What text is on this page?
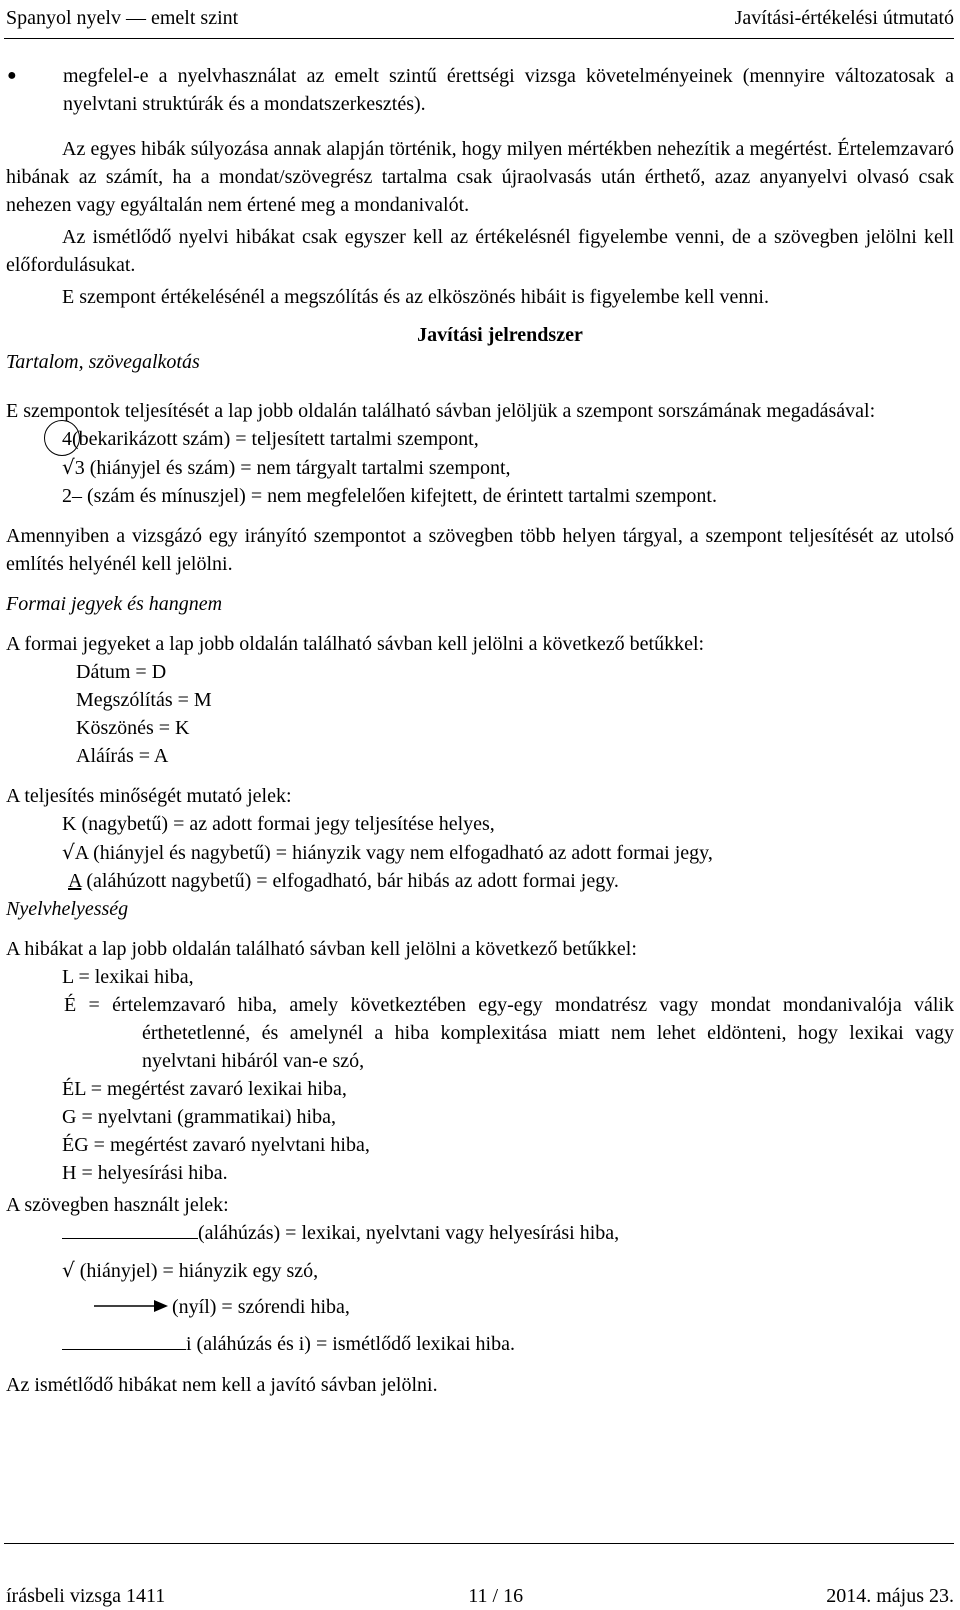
Spanyol nyelv — emelt szint	Javítási-értékelési útmutató
●	megfelel-e a nyelvhasználat az emelt szintű érettségi vizsga követelményeinek (mennyire változatosak a nyelvtani struktúrák és a mondatszerkesztés).

Az egyes hibák súlyozása annak alapján történik, hogy milyen mértékben nehezítik a megértést. Értelemzavaró hibának az számít, ha a mondat/szövegrész tartalma csak újraolvasás után érthető, azaz anyanyelvi olvasó csak nehezen vagy egyáltalán nem értené meg a mondanivalót.

Az ismétlődő nyelvi hibákat csak egyszer kell az értékelésnél figyelembe venni, de a szövegben jelölni kell előfordulásukat.

E szempont értékelésénél a megszólítás és az elköszönés hibáit is figyelembe kell venni.

Javítási jelrendszer

Tartalom, szövegalkotás

E szempontok teljesítését a lap jobb oldalán található sávban jelöljük a szempont sorszámának megadásával:

4(bekarikázott szám) = teljesített tartalmi szempont,
√3 (hiányjel és szám) = nem tárgyalt tartalmi szempont,
2– (szám és mínuszjel) = nem megfelelően kifejtett, de érintett tartalmi szempont.

Amennyiben a vizsgázó egy irányító szempontot a szövegben több helyen tárgyal, a szempont teljesítését az utolsó említés helyénél kell jelölni.

Formai jegyek és hangnem

A formai jegyeket a lap jobb oldalán található sávban kell jelölni a következő betűkkel:

Dátum = D
Megszólítás = M
Köszönés = K
Aláírás = A

A teljesítés minőségét mutató jelek:

K (nagybetű) = az adott formai jegy teljesítése helyes,
√A (hiányjel és nagybetű) = hiányzik vagy nem elfogadható az adott formai jegy,
A (aláhúzott nagybetű) = elfogadható, bár hibás az adott formai jegy.

Nyelvhelyesség

A hibákat a lap jobb oldalán található sávban kell jelölni a következő betűkkel:

L = lexikai hiba,
É = értelemzavaró hiba, amely következtében egy-egy mondatrész vagy mondat mondanivalója válik érthetetlenné, és amelynél a hiba komplexitása miatt nem lehet eldönteni, hogy lexikai vagy nyelvtani hibáról van-e szó,
ÉL = megértést zavaró lexikai hiba,
G = nyelvtani (grammatikai) hiba,
ÉG = megértést zavaró nyelvtani hiba,
H = helyesírási hiba.

A szövegben használt jelek:

(aláhúzás) = lexikai, nyelvtani vagy helyesírási hiba,
√ (hiányjel) = hiányzik egy szó,
(nyíl) = szórendi hiba,
i (aláhúzás és i) = ismétlődő lexikai hiba.

Az ismétlődő hibákat nem kell a javító sávban jelölni.

írásbeli vizsga 1411	11 / 16	2014. május 23.
